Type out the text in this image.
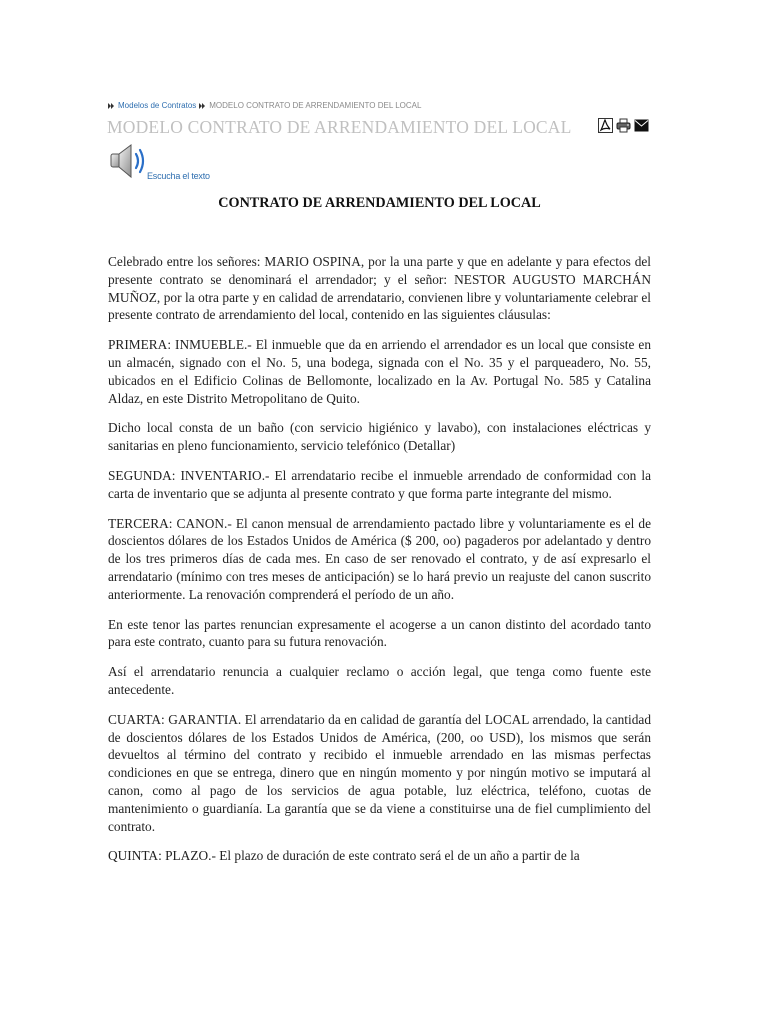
Modelos de Contratos MODELO CONTRATO DE ARRENDAMIENTO DEL LOCAL
MODELO CONTRATO DE ARRENDAMIENTO DEL LOCAL
Escucha el texto
CONTRATO DE ARRENDAMIENTO DEL LOCAL

Celebrado entre los señores: MARIO OSPINA, por la una parte y que en adelante y para efectos del presente contrato se denominará el arrendador; y el señor: NESTOR AUGUSTO MARCHÁN MUÑOZ, por la otra parte y en calidad de arrendatario, convienen libre y voluntariamente celebrar el presente contrato de arrendamiento del local, contenido en las siguientes cláusulas:

PRIMERA: INMUEBLE.- El inmueble que da en arriendo el arrendador es un local que consiste en un almacén, signado con el No. 5, una bodega, signada con el No. 35 y el parqueadero, No. 55, ubicados en el Edificio Colinas de Bellomonte, localizado en la Av. Portugal No. 585 y Catalina Aldaz, en este Distrito Metropolitano de Quito.

Dicho local consta de un baño (con servicio higiénico y lavabo), con instalaciones eléctricas y sanitarias en pleno funcionamiento, servicio telefónico (Detallar)

SEGUNDA: INVENTARIO.- El arrendatario recibe el inmueble arrendado de conformidad con la carta de inventario que se adjunta al presente contrato y que forma parte integrante del mismo.

TERCERA: CANON.- El canon mensual de arrendamiento pactado libre y voluntariamente es el de doscientos dólares de los Estados Unidos de América ($ 200, oo) pagaderos por adelantado y dentro de los tres primeros días de cada mes. En caso de ser renovado el contrato, y de así expresarlo el arrendatario (mínimo con tres meses de anticipación) se lo hará previo un reajuste del canon suscrito anteriormente. La renovación comprenderá el período de un año.

En este tenor las partes renuncian expresamente el acogerse a un canon distinto del acordado tanto para este contrato, cuanto para su futura renovación.

Así el arrendatario renuncia a cualquier reclamo o acción legal, que tenga como fuente este antecedente.

CUARTA: GARANTIA. El arrendatario da en calidad de garantía del LOCAL arrendado, la cantidad de doscientos dólares de los Estados Unidos de América, (200, oo USD), los mismos que serán devueltos al término del contrato y recibido el inmueble arrendado en las mismas perfectas condiciones en que se entrega, dinero que en ningún momento y por ningún motivo se imputará al canon, como al pago de los servicios de agua potable, luz eléctrica, teléfono, cuotas de mantenimiento o guardianía. La garantía que se da viene a constituirse una de fiel cumplimiento del contrato.

QUINTA: PLAZO.- El plazo de duración de este contrato será el de un año a partir de la
